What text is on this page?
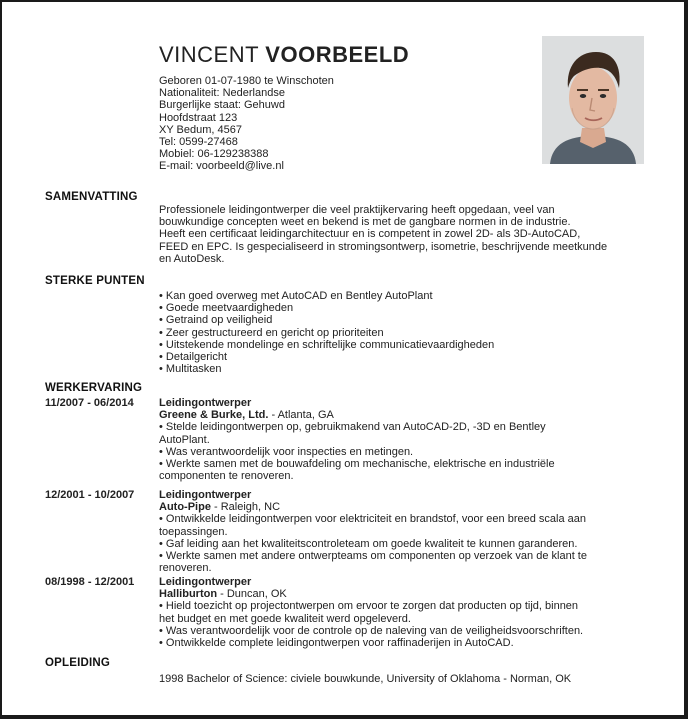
VINCENT VOORBEELD
Geboren 01-07-1980 te Winschoten
Nationaliteit: Nederlandse
Burgerlijke staat: Gehuwd
Hoofdstraat 123
XY Bedum, 4567
Tel: 0599-27468
Mobiel: 06-129238388
E-mail: voorbeeld@live.nl
SAMENVATTING
Professionele leidingontwerper die veel praktijkervaring heeft opgedaan, veel van
bouwkundige concepten weet en bekend is met de gangbare normen in de industrie.
Heeft een certificaat leidingarchitectuur en is competent in zowel 2D- als 3D-AutoCAD,
FEED en EPC. Is gespecialiseerd in stromingsontwerp, isometrie, beschrijvende meetkunde
en AutoDesk.
STERKE PUNTEN
• Kan goed overweg met AutoCAD en Bentley AutoPlant
• Goede meetvaardigheden
• Getraind op veiligheid
• Zeer gestructureerd en gericht op prioriteiten
• Uitstekende mondelinge en schriftelijke communicatievaardigheden
• Detailgericht
• Multitasken
WERKERVARING
11/2007 - 06/2014 Leidingontwerper
Greene & Burke, Ltd. - Atlanta, GA
• Stelde leidingontwerpen op, gebruikmakend van AutoCAD-2D, -3D en Bentley
AutoPlant.
• Was verantwoordelijk voor inspecties en metingen.
• Werkte samen met de bouwafdeling om mechanische, elektrische en industriële
componenten te renoveren.
12/2001 - 10/2007 Leidingontwerper
Auto-Pipe - Raleigh, NC
• Ontwikkelde leidingontwerpen voor elektriciteit en brandstof, voor een breed scala aan
toepassingen.
• Gaf leiding aan het kwaliteitscontroleteam om goede kwaliteit te kunnen garanderen.
• Werkte samen met andere ontwerpteams om componenten op verzoek van de klant te
renoveren.
08/1998 - 12/2001 Leidingontwerper
Halliburton - Duncan, OK
• Hield toezicht op projectontwerpen om ervoor te zorgen dat producten op tijd, binnen
het budget en met goede kwaliteit werd opgeleverd.
• Was verantwoordelijk voor de controle op de naleving van de veiligheidsvoorschriften.
• Ontwikkelde complete leidingontwerpen voor raffinaderijen in AutoCAD.
OPLEIDING
1998 Bachelor of Science: civiele bouwkunde, University of Oklahoma - Norman, OK
